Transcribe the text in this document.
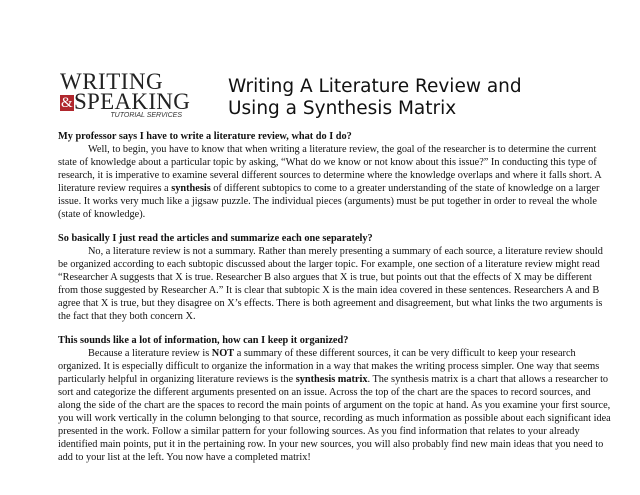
WRITING
&SPEAKING
TUTORIAL SERVICES
Writing A Literature Review and
Using a Synthesis Matrix
My professor says I have to write a literature review, what do I do?
Well, to begin, you have to know that when writing a literature review, the goal of the researcher is to determine the current
state of knowledge about a particular topic by asking, “What do we know or not know about this issue?” In conducting this type of
research, it is imperative to examine several different sources to determine where the knowledge overlaps and where it falls short. A
literature review requires a synthesis of different subtopics to come to a greater understanding of the state of knowledge on a larger
issue. It works very much like a jigsaw puzzle. The individual pieces (arguments) must be put together in order to reveal the whole
(state of knowledge).
So basically I just read the articles and summarize each one separately?
No, a literature review is not a summary. Rather than merely presenting a summary of each source, a literature review should
be organized according to each subtopic discussed about the larger topic. For example, one section of a literature review might read
“Researcher A suggests that X is true. Researcher B also argues that X is true, but points out that the effects of X may be different
from those suggested by Researcher A.” It is clear that subtopic X is the main idea covered in these sentences. Researchers A and B
agree that X is true, but they disagree on X’s effects. There is both agreement and disagreement, but what links the two arguments is
the fact that they both concern X.
This sounds like a lot of information, how can I keep it organized?
Because a literature review is NOT a summary of these different sources, it can be very difficult to keep your research
organized. It is especially difficult to organize the information in a way that makes the writing process simpler. One way that seems
particularly helpful in organizing literature reviews is the synthesis matrix. The synthesis matrix is a chart that allows a researcher to
sort and categorize the different arguments presented on an issue. Across the top of the chart are the spaces to record sources, and
along the side of the chart are the spaces to record the main points of argument on the topic at hand. As you examine your first source,
you will work vertically in the column belonging to that source, recording as much information as possible about each significant idea
presented in the work. Follow a similar pattern for your following sources. As you find information that relates to your already
identified main points, put it in the pertaining row. In your new sources, you will also probably find new main ideas that you need to
add to your list at the left. You now have a completed matrix!
